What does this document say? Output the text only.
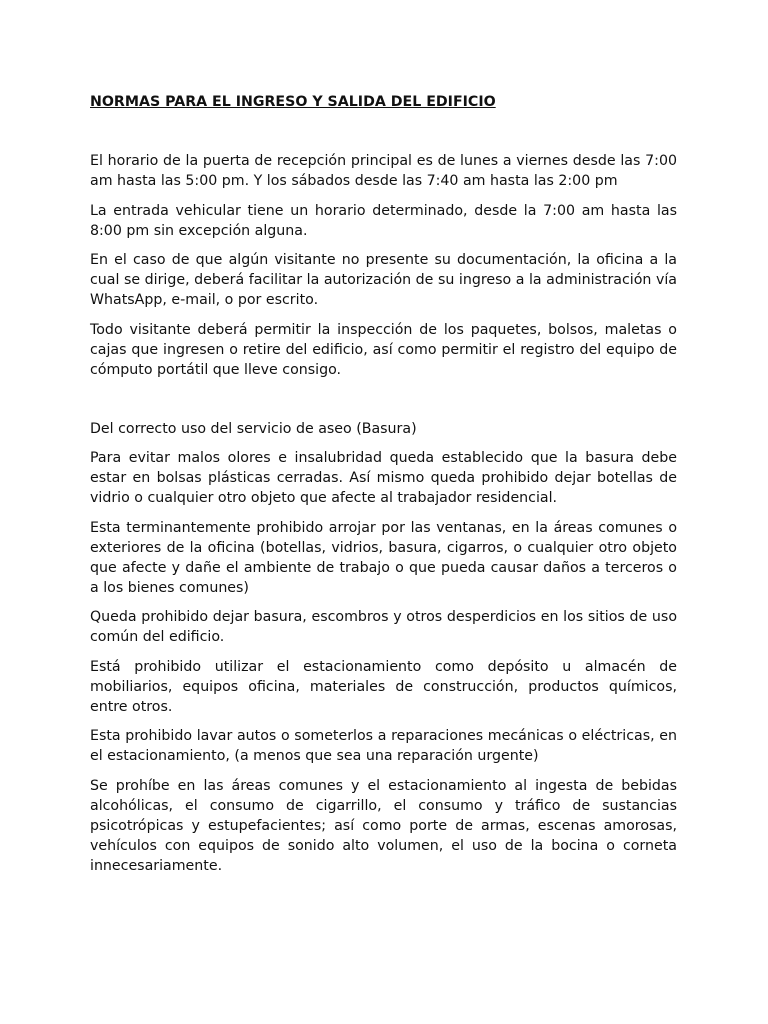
NORMAS PARA EL INGRESO Y SALIDA DEL EDIFICIO

El horario de la puerta de recepción principal es de lunes a viernes desde las 7:00 am hasta las 5:00 pm. Y los sábados desde las 7:40 am hasta las 2:00 pm

La entrada vehicular tiene un horario determinado, desde la 7:00 am hasta las 8:00 pm sin excepción alguna.

En el caso de que algún visitante no presente su documentación, la oficina a la cual se dirige, deberá facilitar la autorización de su ingreso a la administración vía WhatsApp, e-mail, o por escrito.

Todo visitante deberá permitir la inspección de los paquetes, bolsos, maletas o cajas que ingresen o retire del edificio, así como permitir el registro del equipo de cómputo portátil que lleve consigo.

Del correcto uso del servicio de aseo (Basura)

Para evitar malos olores e insalubridad queda establecido que la basura debe estar en bolsas plásticas cerradas. Así mismo queda prohibido dejar botellas de vidrio o cualquier otro objeto que afecte al trabajador residencial.

Esta terminantemente prohibido arrojar por las ventanas, en la áreas comunes o exteriores de la oficina (botellas, vidrios, basura, cigarros, o cualquier otro objeto que afecte y dañe el ambiente de trabajo o que pueda causar daños a terceros o a los bienes comunes)

Queda prohibido dejar basura, escombros y otros desperdicios en los sitios de uso común del edificio.

Está prohibido utilizar el estacionamiento como depósito u almacén de mobiliarios, equipos oficina, materiales de construcción, productos químicos, entre otros.

Esta prohibido lavar autos o someterlos a reparaciones mecánicas o eléctricas, en el estacionamiento, (a menos que sea una reparación urgente)

Se prohíbe en las áreas comunes y el estacionamiento al ingesta de bebidas alcohólicas, el consumo de cigarrillo, el consumo y tráfico de sustancias psicotrópicas y estupefacientes; así como porte de armas, escenas amorosas, vehículos con equipos de sonido alto volumen, el uso de la bocina o corneta innecesariamente.
